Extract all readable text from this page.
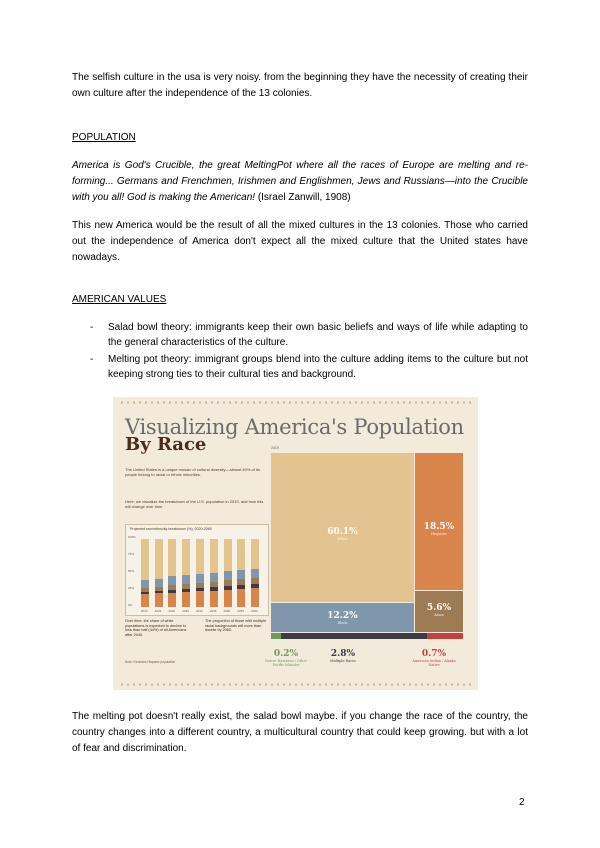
The selfish culture in the usa is very noisy. from the beginning they have the necessity of creating their own culture after the independence of the 13 colonies.

POPULATION

America is God's Crucible, the great MeltingPot where all the races of Europe are melting and re-forming... Germans and Frenchmen, Irishmen and Englishmen, Jews and Russians—into the Crucible with you all! God is making the American! (Israel Zanwill, 1908)

This new America would be the result of all the mixed cultures in the 13 colonies. Those who carried out the independence of America don't expect all the mixed culture that the United states have nowadays.

AMERICAN VALUES

- Salad bowl theory: immigrants keep their own basic beliefs and ways of life while adapting to the general characteristics of the culture.
- Melting pot theory: immigrant groups blend into the culture adding items to the culture but not keeping strong ties to their cultural ties and background.
Visualizing America's Population
By Race
The United States is a unique mosaic of cultural diversity—almost 40% of its people belong to racial or ethnic minorities.
Here, we visualize the breakdown of the U.S. population in 2019, and how this will change over time.
Projected race/ethnicity breakdown (%), 2020-2060
100%
75%
50%
25%
0%
2020 2025 2030 2035 2040 2045 2050 2055 2060
Over time, the share of white populations is expected to decline to less than half (44%) of all Americans after 2045.
The proportion of those with multiple racial backgrounds will more than double by 2060.
Note: Excludes Hispanic population
2019
60.1%
White
12.2%
Black
18.5%
Hispanic
5.6%
Asian
0.2%
Native Hawaiian / Other Pacific Islander
2.8%
Multiple Races
0.7%
American Indian / Alaska Native

The melting pot doesn't really exist, the salad bowl maybe. if you change the race of the country, the country changes into a different country, a multicultural country that could keep growing. but with a lot of fear and discrimination.

2
